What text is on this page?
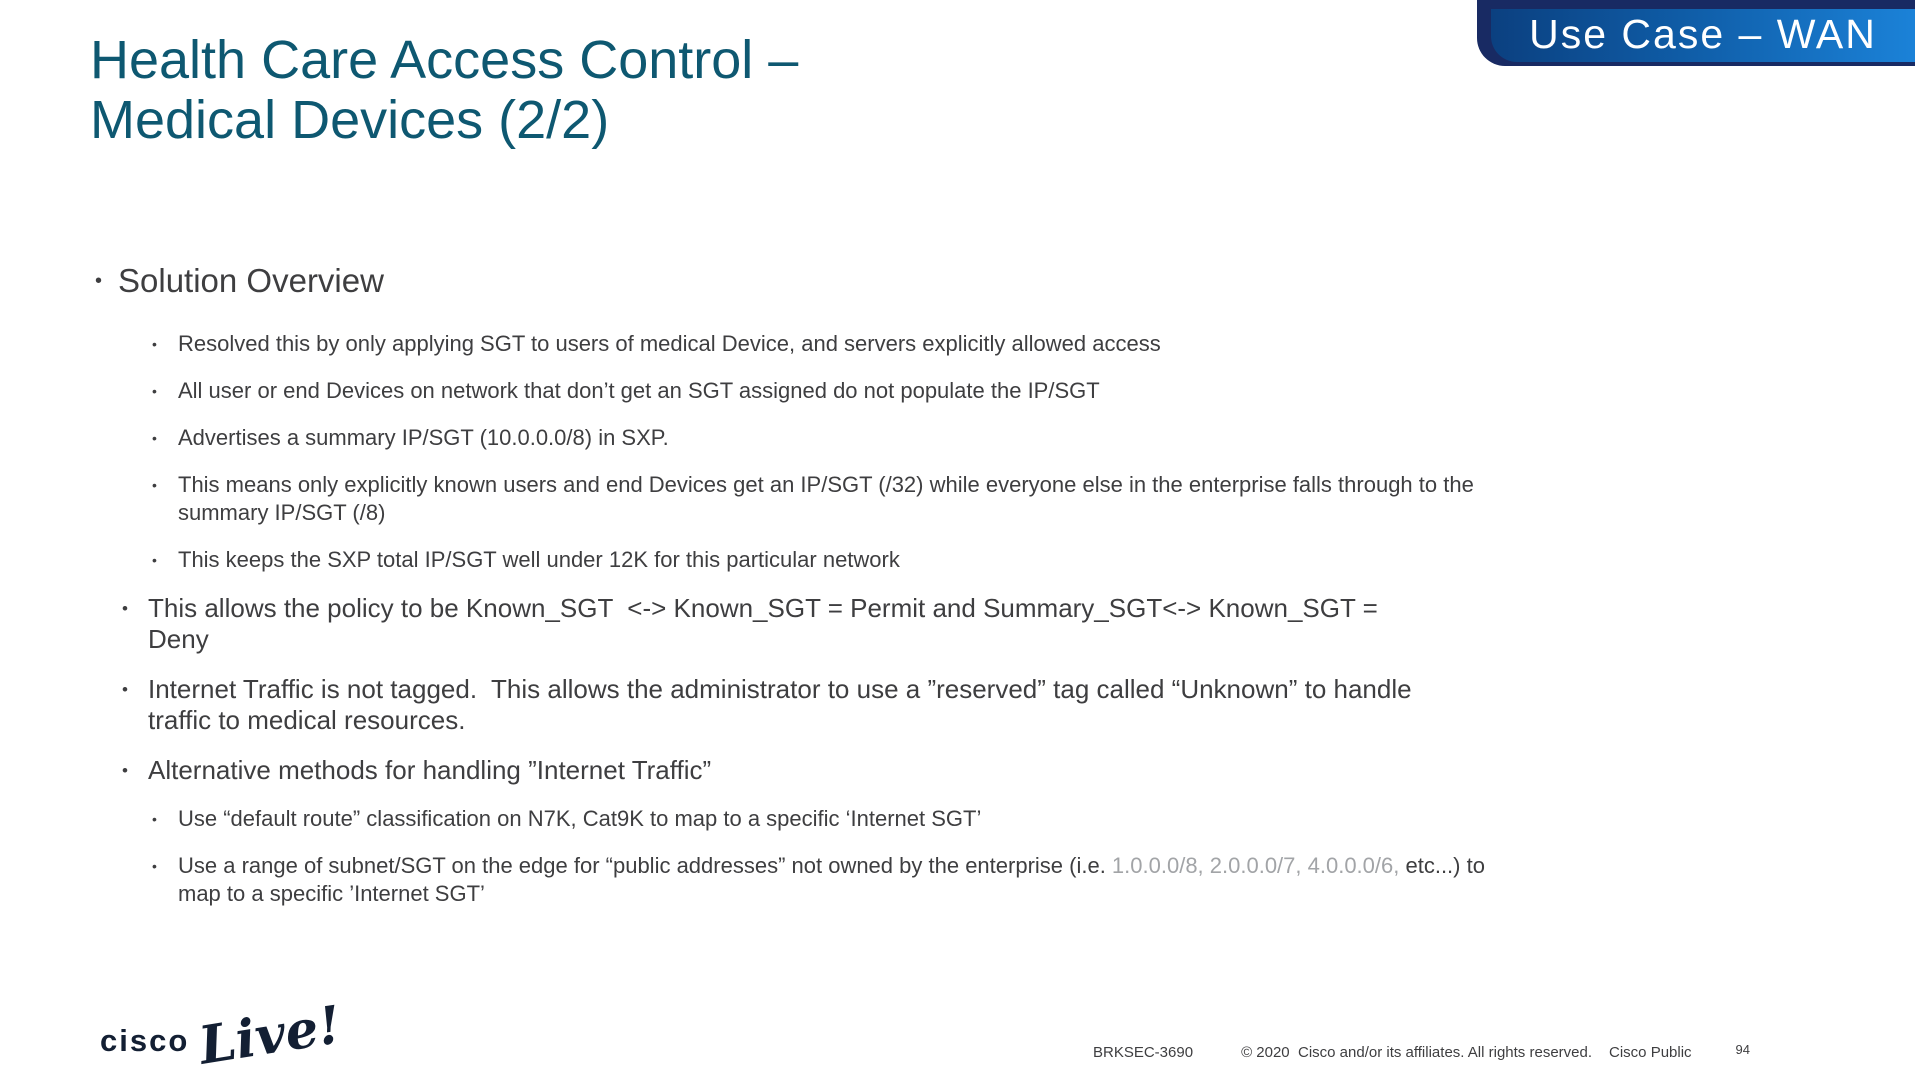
Use Case – WAN
Health Care Access Control –
Medical Devices (2/2)
• Solution Overview
• Resolved this by only applying SGT to users of medical Device, and servers explicitly allowed access
• All user or end Devices on network that don’t get an SGT assigned do not populate the IP/SGT
• Advertises a summary IP/SGT (10.0.0.0/8) in SXP.
• This means only explicitly known users and end Devices get an IP/SGT (/32) while everyone else in the enterprise falls through to the summary IP/SGT (/8)
• This keeps the SXP total IP/SGT well under 12K for this particular network
• This allows the policy to be Known_SGT  <-> Known_SGT = Permit and Summary_SGT<-> Known_SGT = Deny
• Internet Traffic is not tagged.  This allows the administrator to use a ”reserved” tag called “Unknown” to handle traffic to medical resources.
• Alternative methods for handling ”Internet Traffic”
• Use “default route” classification on N7K, Cat9K to map to a specific ‘Internet SGT’
• Use a range of subnet/SGT on the edge for “public addresses” not owned by the enterprise (i.e. 1.0.0.0/8, 2.0.0.0/7, 4.0.0.0/6, etc...) to map to a specific ’Internet SGT’
cisco Live!	BRKSEC-3690	© 2020  Cisco and/or its affiliates. All rights reserved. Cisco Public	94
